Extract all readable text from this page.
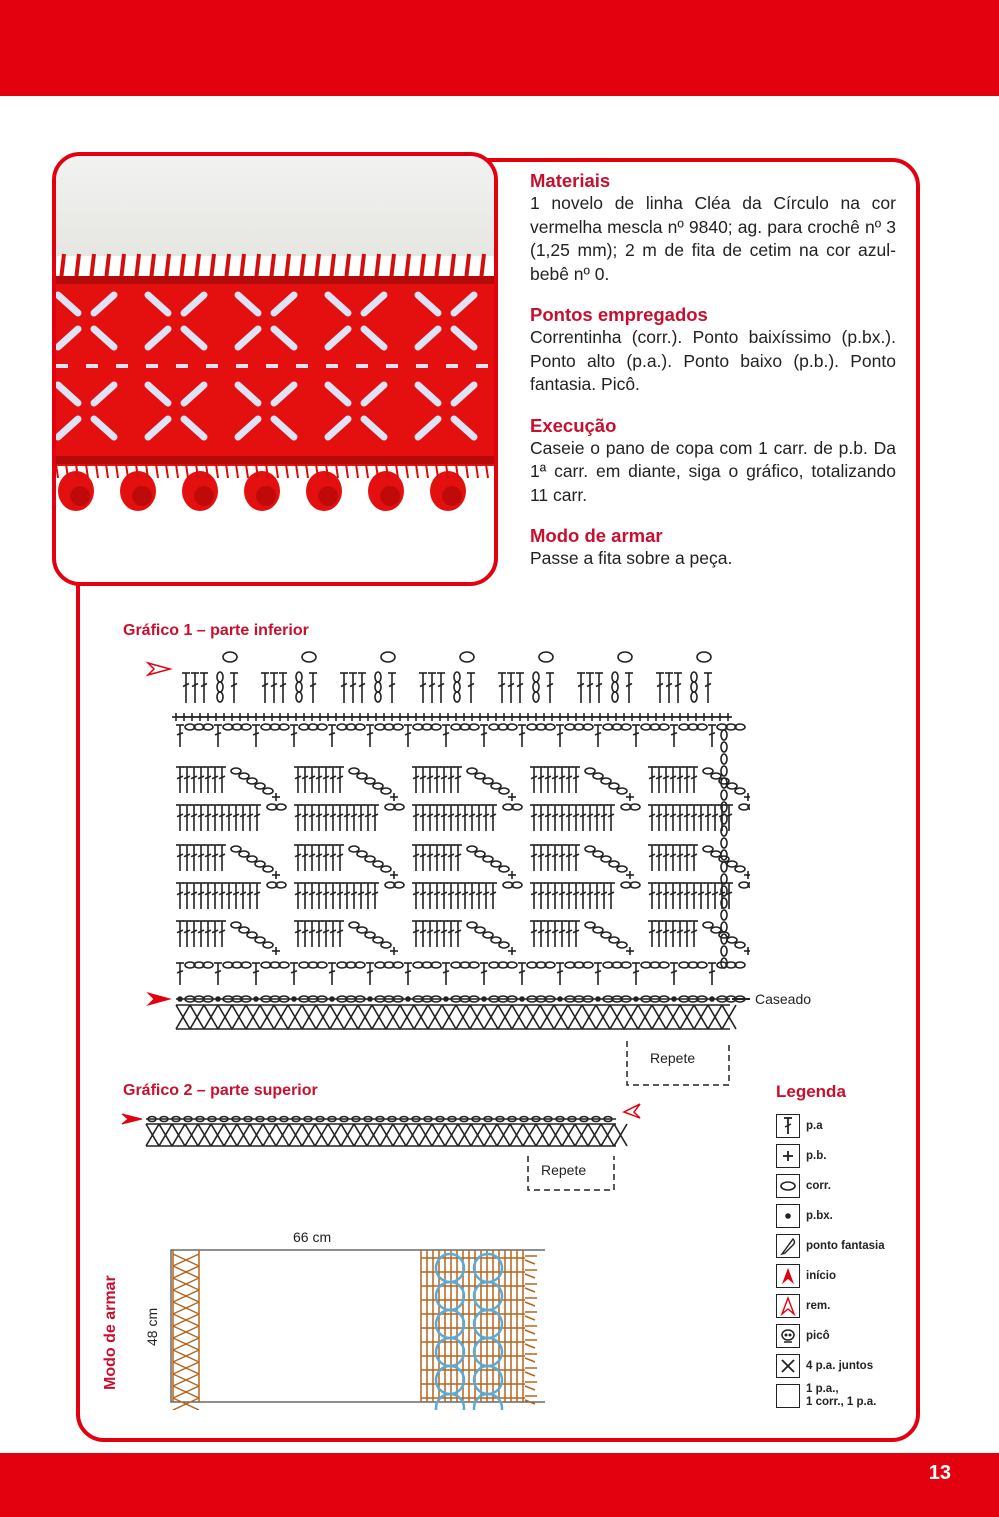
Materiais

1 novelo de linha Cléa da Círculo na cor vermelha mescla nº 9840; ag. para crochê nº 3 (1,25 mm); 2 m de fita de cetim na cor azul-bebê nº 0.

Pontos empregados

Correntinha (corr.). Ponto baixíssimo (p.bx.). Ponto alto (p.a.). Ponto baixo (p.b.). Ponto fantasia. Picô.

Execução

Caseie o pano de copa com 1 carr. de p.b. Da 1ª carr. em diante, siga o gráfico, totalizando 11 carr.

Modo de armar

Passe a fita sobre a peça.

Gráfico 1 – parte inferior
Caseado
Repete
Gráfico 2 – parte superior
Repete
Modo de armar 48 cm
66 cm
Legenda
p.a
p.b.
corr.
p.bx.
ponto fantasia
início
rem.
picô
4 p.a. juntos
1 p.a.,
1 corr., 1 p.a.
13
